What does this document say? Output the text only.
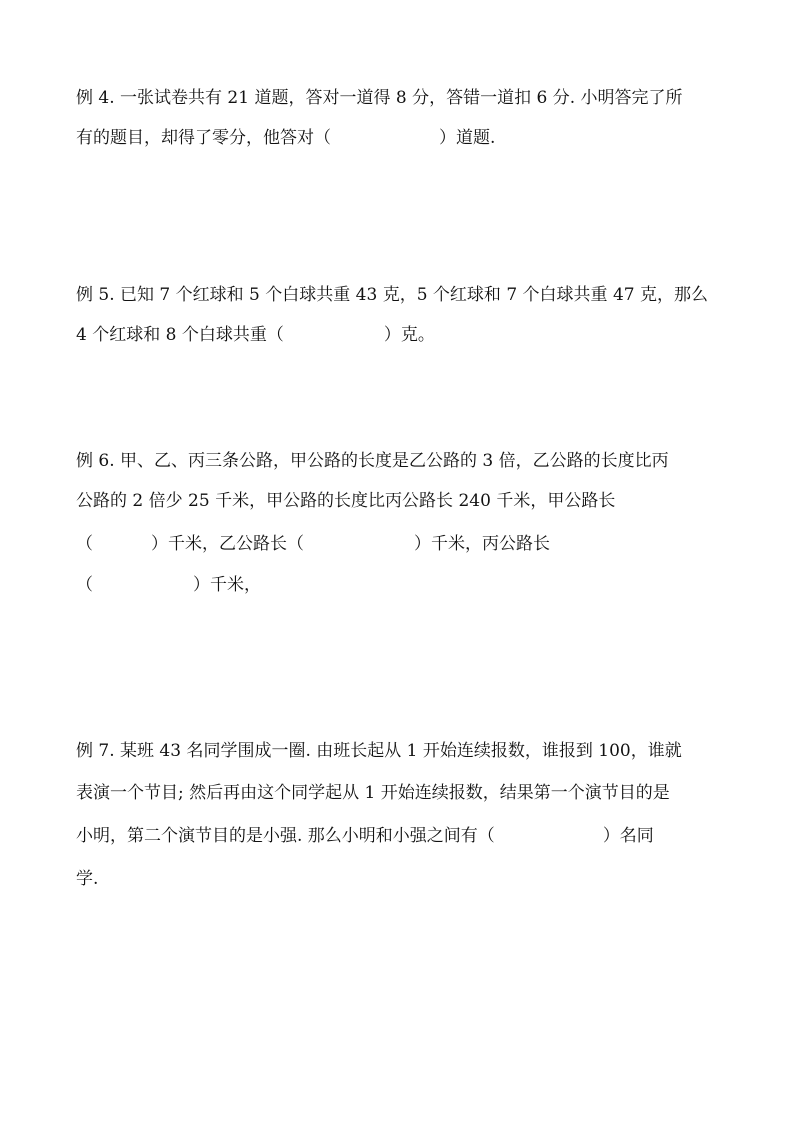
例 4. 一张试卷共有 21 道题，答对一道得 8 分，答错一道扣 6 分. 小明答完了所
有的题目，却得了零分，他答对（	）道题.
例 5. 已知 7 个红球和 5 个白球共重 43 克，5 个红球和 7 个白球共重 47 克，那么
4 个红球和 8 个白球共重（	）克。
例 6. 甲、乙、丙三条公路，甲公路的长度是乙公路的 3 倍，乙公路的长度比丙
公路的 2 倍少 25 千米，甲公路的长度比丙公路长 240 千米，甲公路长
（	）千米，乙公路长（	）千米，丙公路长
（	）千米，
例 7. 某班 43 名同学围成一圈. 由班长起从 1 开始连续报数，谁报到 100，谁就
表演一个节目; 然后再由这个同学起从 1 开始连续报数，结果第一个演节目的是
小明，第二个演节目的是小强. 那么小明和小强之间有（	）名同
学.
